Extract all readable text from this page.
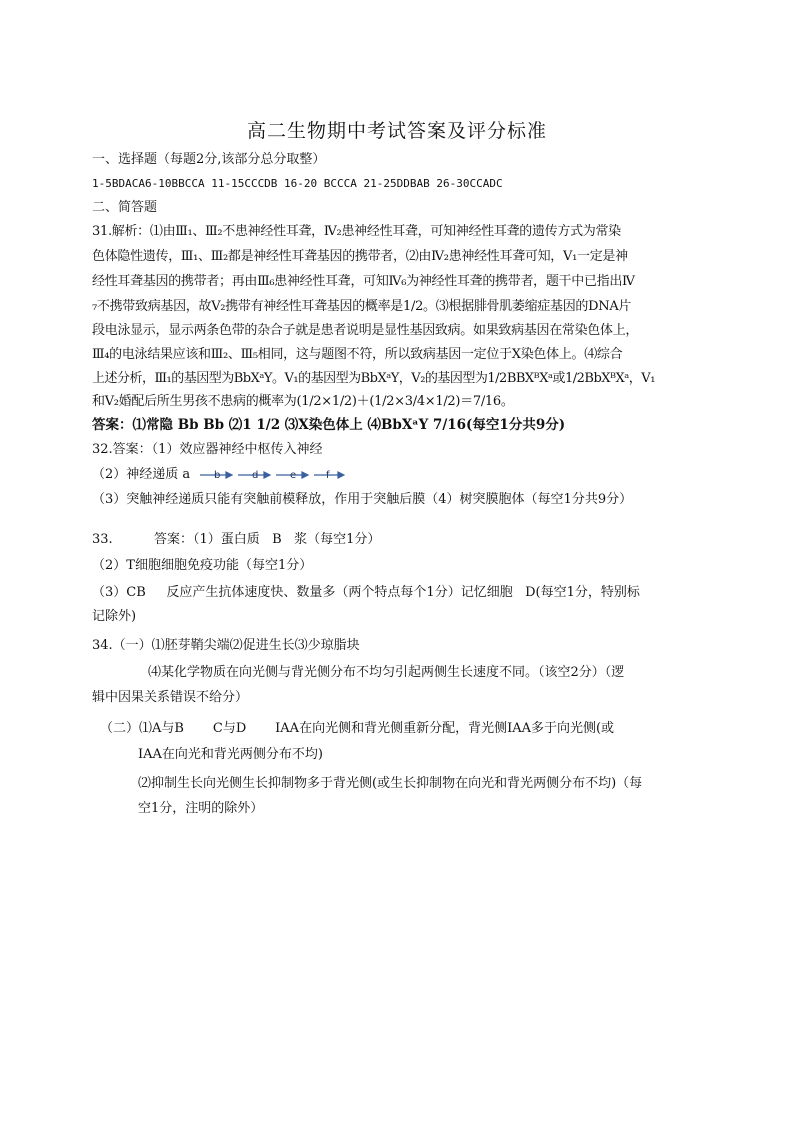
高二生物期中考试答案及评分标准
一、选择题（每题2分,该部分总分取整）
1-5BDACA6-10BBCCA 11-15CCCDB 16-20 BCCCA 21-25DDBAB 26-30CCADC
二、简答题
31.解析：⑴由Ⅲ₁、Ⅲ₂不患神经性耳聋，Ⅳ₂患神经性耳聋，可知神经性耳聋的遗传方式为常染
色体隐性遗传，Ⅲ₁、Ⅲ₂都是神经性耳聋基因的携带者，⑵由Ⅳ₂患神经性耳聋可知，Ⅴ₁一定是神
经性耳聋基因的携带者；再由Ⅲ₆患神经性耳聋，可知Ⅳ₆为神经性耳聋的携带者，题干中已指出Ⅳ
₇不携带致病基因，故Ⅴ₂携带有神经性耳聋基因的概率是1/2。⑶根据腓骨肌萎缩症基因的DNA片
段电泳显示，显示两条色带的杂合子就是患者说明是显性基因致病。如果致病基因在常染色体上，
Ⅲ₄的电泳结果应该和Ⅲ₂、Ⅲ₅相同，这与题图不符，所以致病基因一定位于X染色体上。⑷综合
上述分析，Ⅲ₁的基因型为BbXᵃY。Ⅴ₁的基因型为BbXᵃY，Ⅴ₂的基因型为1/2BBXᴮXᵃ或1/2BbXᴮXᵃ，Ⅴ₁
和Ⅴ₂婚配后所生男孩不患病的概率为(1/2×1/2)＋(1/2×3/4×1/2)＝7/16。
答案：⑴常隐 Bb Bb ⑵1 1/2 ⑶X染色体上 ⑷BbXᵃY 7/16(每空1分共9分)
32.答案：（1）效应器神经中枢传入神经
（2）神经递质 a b	d	e	f
（3）突触神经递质只能有突触前模释放，作用于突触后膜（4）树突膜胞体（每空1分共9分）
33.          答案：（1）蛋白质   B   浆（每空1分）
（2）T细胞细胞免疫功能（每空1分）
（3）CB     反应产生抗体速度快、数量多（两个特点每个1分）记忆细胞   D(每空1分，特别标
记除外)
34.（一）⑴胚芽鞘尖端⑵促进生长⑶少琼脂块
⑷某化学物质在向光侧与背光侧分布不均匀引起两侧生长速度不同。（该空2分）（逻
辑中因果关系错误不给分）
（二）⑴A与B       C与D       IAA在向光侧和背光侧重新分配，背光侧IAA多于向光侧(或
IAA在向光和背光两侧分布不均)
⑵抑制生长向光侧生长抑制物多于背光侧(或生长抑制物在向光和背光两侧分布不均)（每
空1分，注明的除外）
